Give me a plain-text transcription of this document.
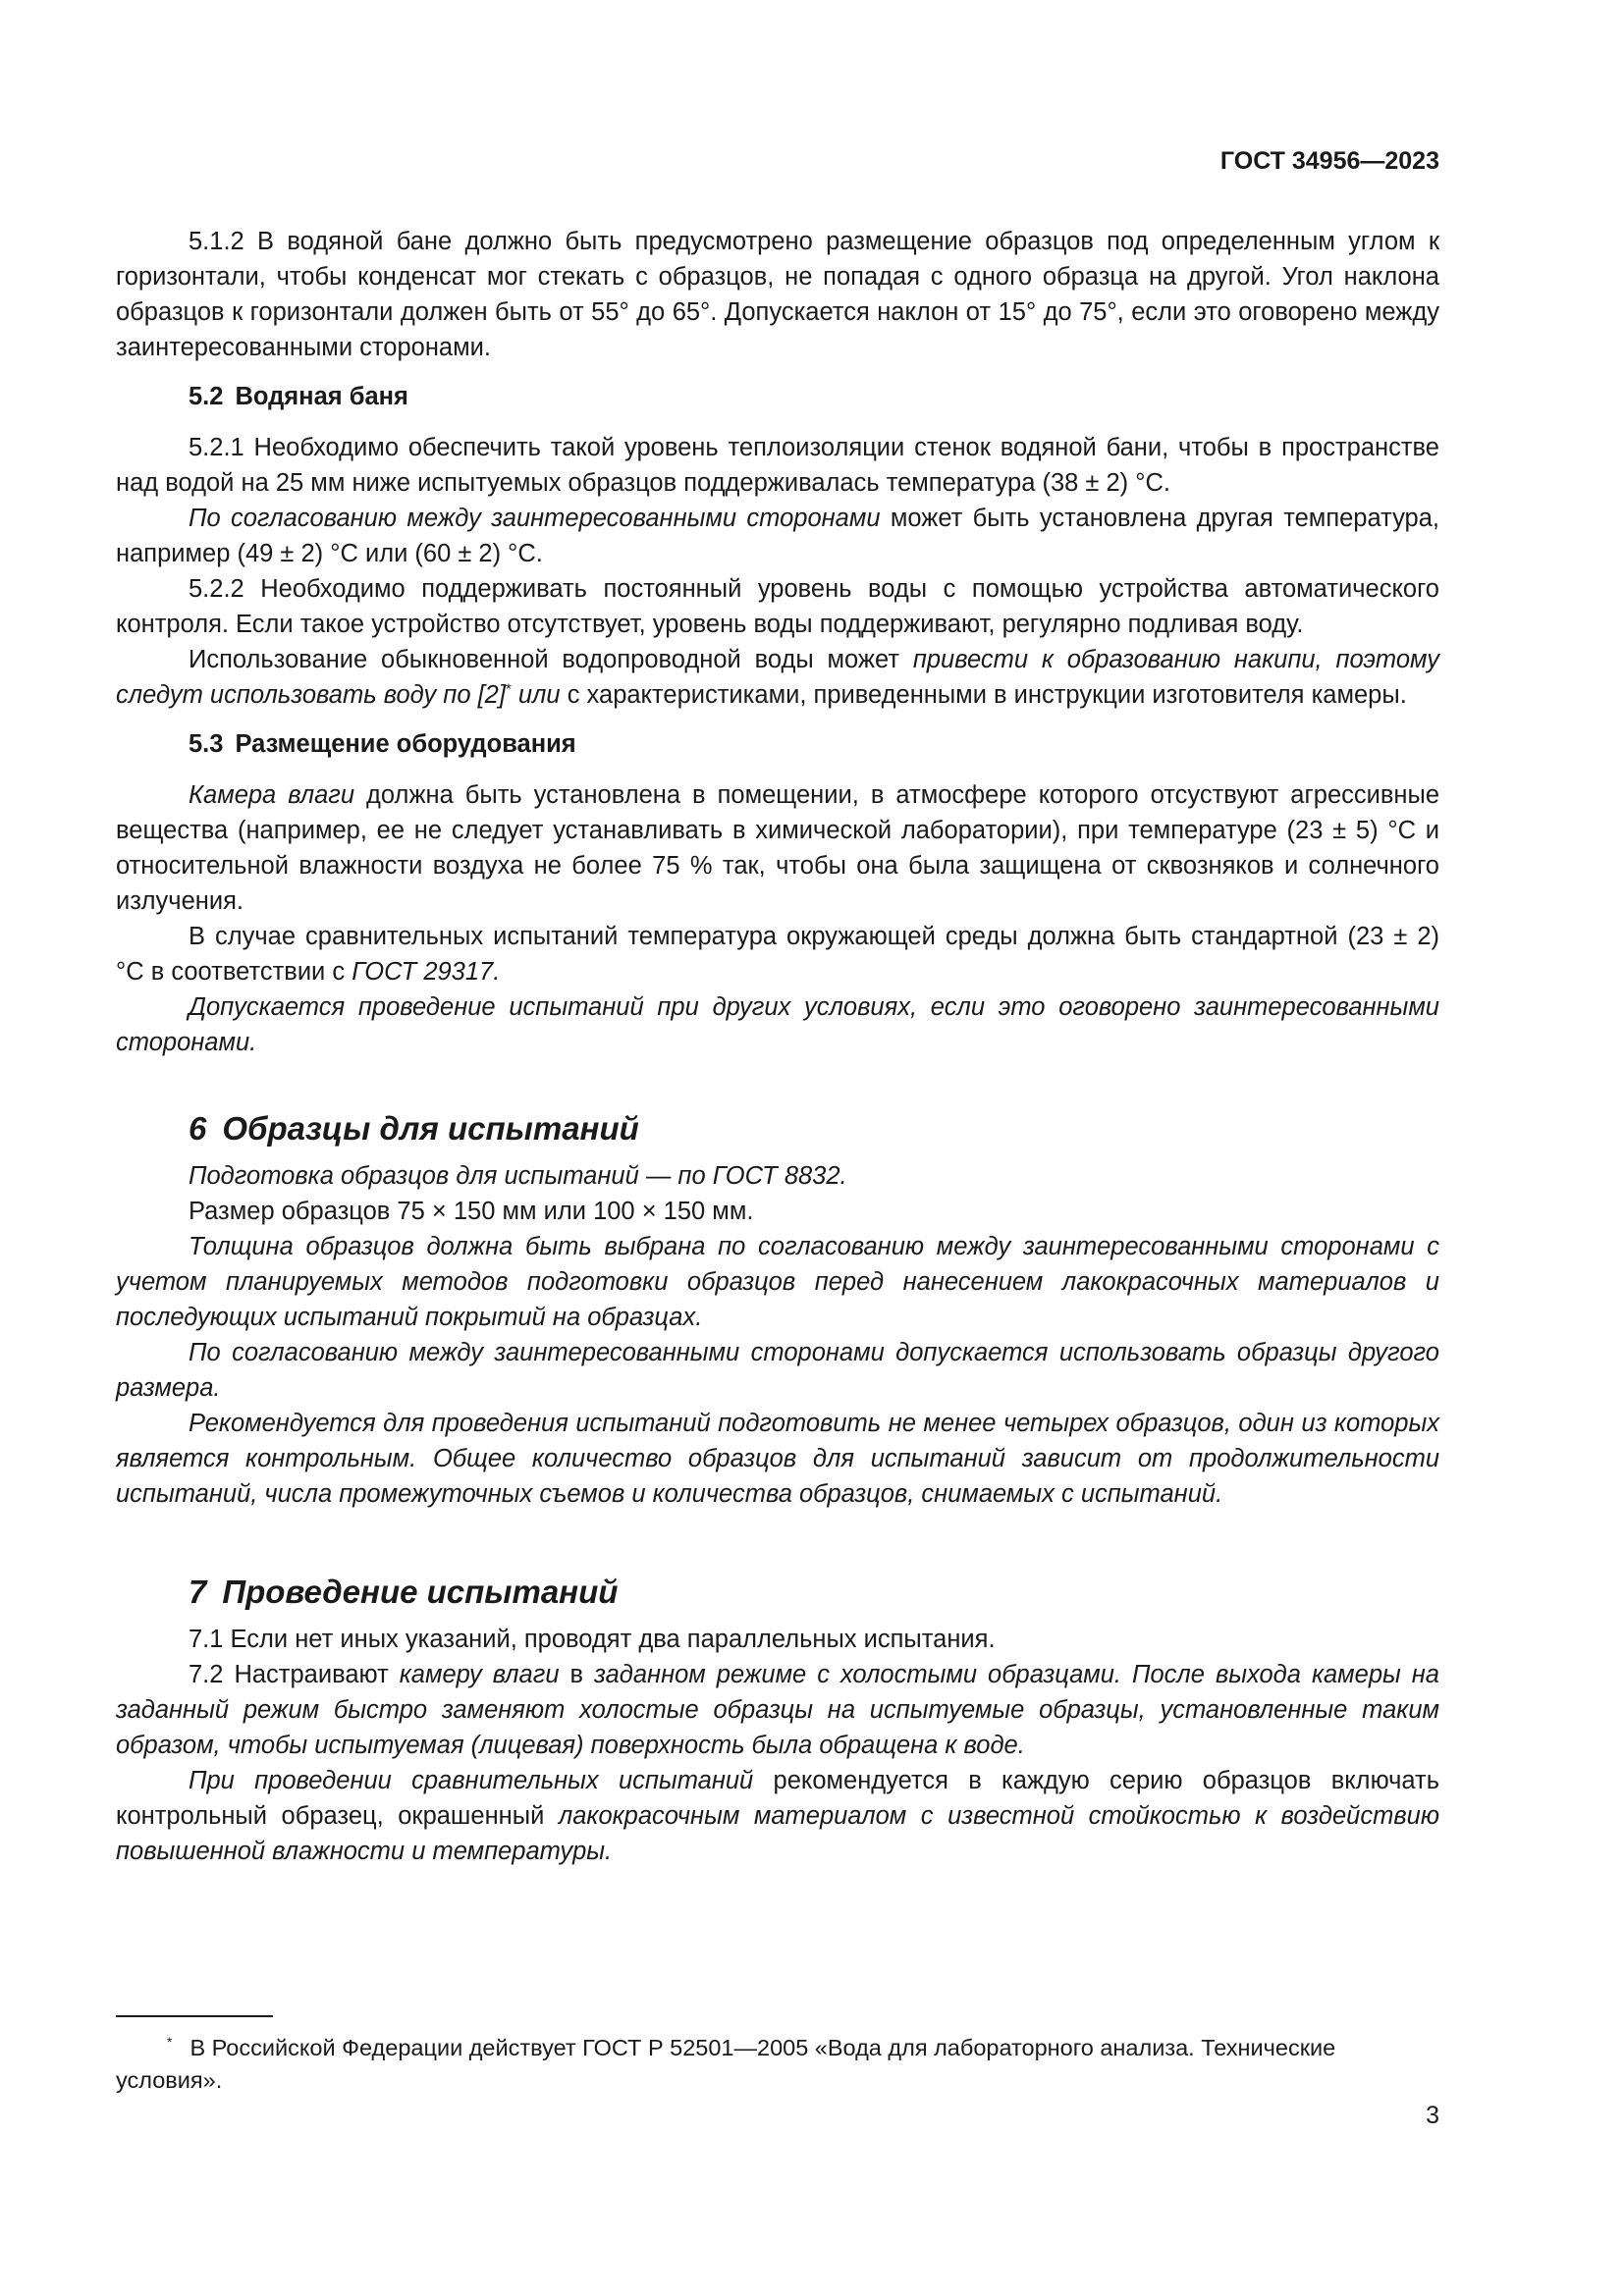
ГОСТ 34956—2023

5.1.2 В водяной бане должно быть предусмотрено размещение образцов под определенным углом к горизонтали, чтобы конденсат мог стекать с образцов, не попадая с одного образца на другой. Угол наклона образцов к горизонтали должен быть от 55° до 65°. Допускается наклон от 15° до 75°, если это оговорено между заинтересованными сторонами.

5.2 Водяная баня

5.2.1 Необходимо обеспечить такой уровень теплоизоляции стенок водяной бани, чтобы в пространстве над водой на 25 мм ниже испытуемых образцов поддерживалась температура (38 ± 2) °С.

По согласованию между заинтересованными сторонами может быть установлена другая температура, например (49 ± 2) °С или (60 ± 2) °С.

5.2.2 Необходимо поддерживать постоянный уровень воды с помощью устройства автоматического контроля. Если такое устройство отсутствует, уровень воды поддерживают, регулярно подливая воду.

Использование обыкновенной водопроводной воды может привести к образованию накипи, поэтому следут использовать воду по [2]* или с характеристиками, приведенными в инструкции изготовителя камеры.

5.3 Размещение оборудования

Камера влаги должна быть установлена в помещении, в атмосфере которого отсуствуют агрессивные вещества (например, ее не следует устанавливать в химической лаборатории), при температуре (23 ± 5) °С и относительной влажности воздуха не более 75 % так, чтобы она была защищена от сквозняков и солнечного излучения.

В случае сравнительных испытаний температура окружающей среды должна быть стандартной (23 ± 2) °С в соответствии с ГОСТ 29317.

Допускается проведение испытаний при других условиях, если это оговорено заинтересованными сторонами.

6 Образцы для испытаний

Подготовка образцов для испытаний — по ГОСТ 8832.

Размер образцов 75 × 150 мм или 100 × 150 мм.

Толщина образцов должна быть выбрана по согласованию между заинтересованными сторонами с учетом планируемых методов подготовки образцов перед нанесением лакокрасочных материалов и последующих испытаний покрытий на образцах.

По согласованию между заинтересованными сторонами допускается использовать образцы другого размера.

Рекомендуется для проведения испытаний подготовить не менее четырех образцов, один из которых является контрольным. Общее количество образцов для испытаний зависит от продолжительности испытаний, числа промежуточных съемов и количества образцов, снимаемых с испытаний.

7 Проведение испытаний

7.1 Если нет иных указаний, проводят два параллельных испытания.

7.2 Настраивают камеру влаги в заданном режиме с холостыми образцами. После выхода камеры на заданный режим быстро заменяют холостые образцы на испытуемые образцы, установленные таким образом, чтобы испытуемая (лицевая) поверхность была обращена к воде.

При проведении сравнительных испытаний рекомендуется в каждую серию образцов включать контрольный образец, окрашенный лакокрасочным материалом с известной стойкостью к воздействию повышенной влажности и температуры.

* В Российской Федерации действует ГОСТ Р 52501—2005 «Вода для лабораторного анализа. Технические условия».

3
